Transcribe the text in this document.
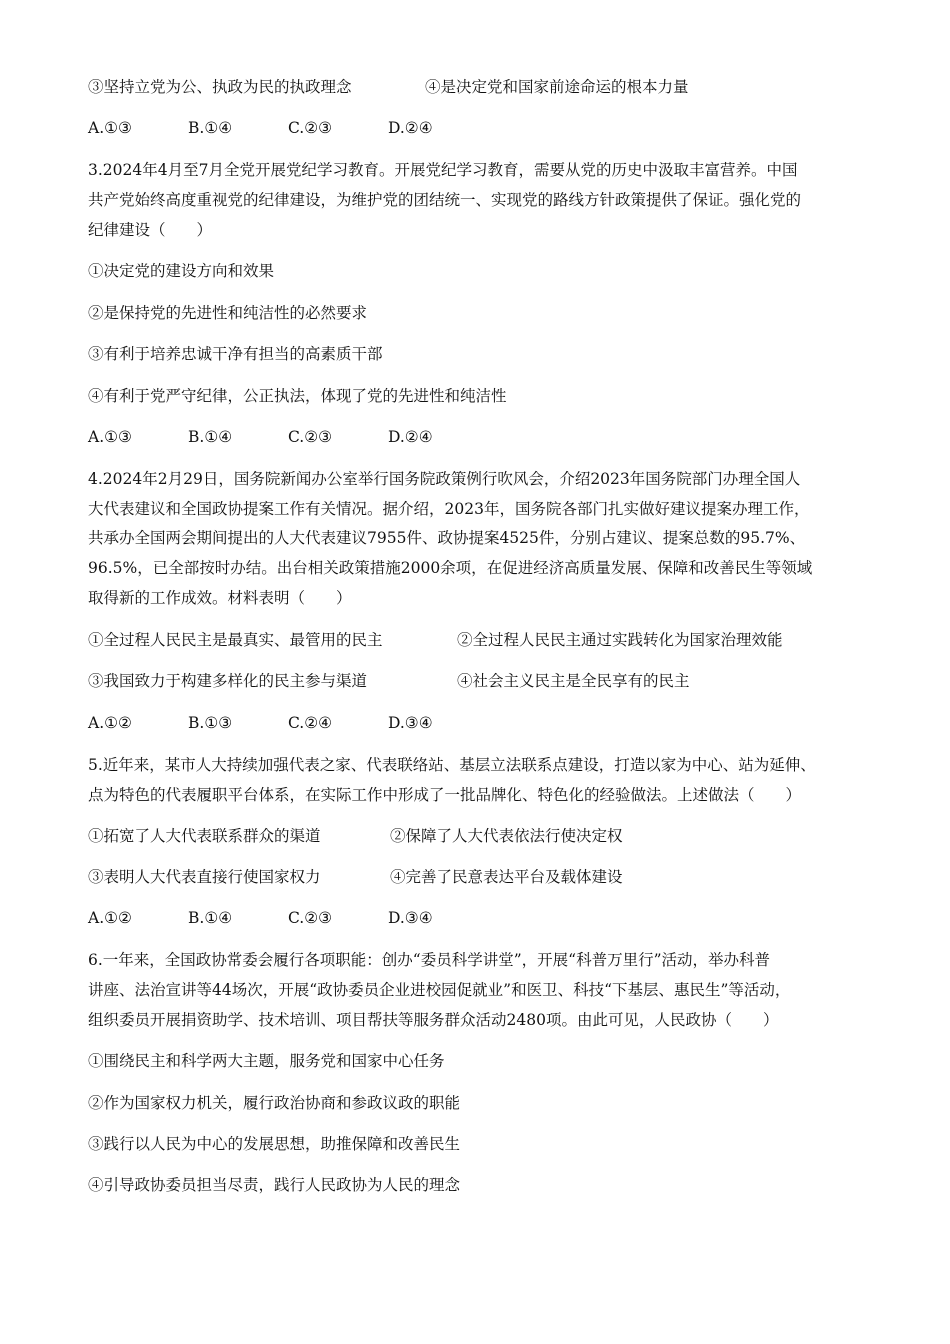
③坚持立党为公、执政为民的执政理念	④是决定党和国家前途命运的根本力量
A.①③	B.①④	C.②③	D.②④
3.2024年4月至7月全党开展党纪学习教育。开展党纪学习教育，需要从党的历史中汲取丰富营养。中国
共产党始终高度重视党的纪律建设，为维护党的团结统一、实现党的路线方针政策提供了保证。强化党的
纪律建设（　　）
①决定党的建设方向和效果
②是保持党的先进性和纯洁性的必然要求
③有利于培养忠诚干净有担当的高素质干部
④有利于党严守纪律，公正执法，体现了党的先进性和纯洁性
A.①③	B.①④	C.②③	D.②④
4.2024年2月29日，国务院新闻办公室举行国务院政策例行吹风会，介绍2023年国务院部门办理全国人
大代表建议和全国政协提案工作有关情况。据介绍，2023年，国务院各部门扎实做好建议提案办理工作，
共承办全国两会期间提出的人大代表建议7955件、政协提案4525件，分别占建议、提案总数的95.7%、
96.5%，已全部按时办结。出台相关政策措施2000余项，在促进经济高质量发展、保障和改善民生等领域
取得新的工作成效。材料表明（　　）
①全过程人民民主是最真实、最管用的民主	②全过程人民民主通过实践转化为国家治理效能
③我国致力于构建多样化的民主参与渠道	④社会主义民主是全民享有的民主
A.①②	B.①③	C.②④	D.③④
5.近年来，某市人大持续加强代表之家、代表联络站、基层立法联系点建设，打造以家为中心、站为延伸、
点为特色的代表履职平台体系，在实际工作中形成了一批品牌化、特色化的经验做法。上述做法（　　）
①拓宽了人大代表联系群众的渠道	②保障了人大代表依法行使决定权
③表明人大代表直接行使国家权力	④完善了民意表达平台及载体建设
A.①②	B.①④	C.②③	D.③④
6.一年来，全国政协常委会履行各项职能：创办“委员科学讲堂”，开展“科普万里行”活动，举办科普
讲座、法治宣讲等44场次，开展“政协委员企业进校园促就业”和医卫、科技“下基层、惠民生”等活动，
组织委员开展捐资助学、技术培训、项目帮扶等服务群众活动2480项。由此可见，人民政协（　　）
①围绕民主和科学两大主题，服务党和国家中心任务
②作为国家权力机关，履行政治协商和参政议政的职能
③践行以人民为中心的发展思想，助推保障和改善民生
④引导政协委员担当尽责，践行人民政协为人民的理念
